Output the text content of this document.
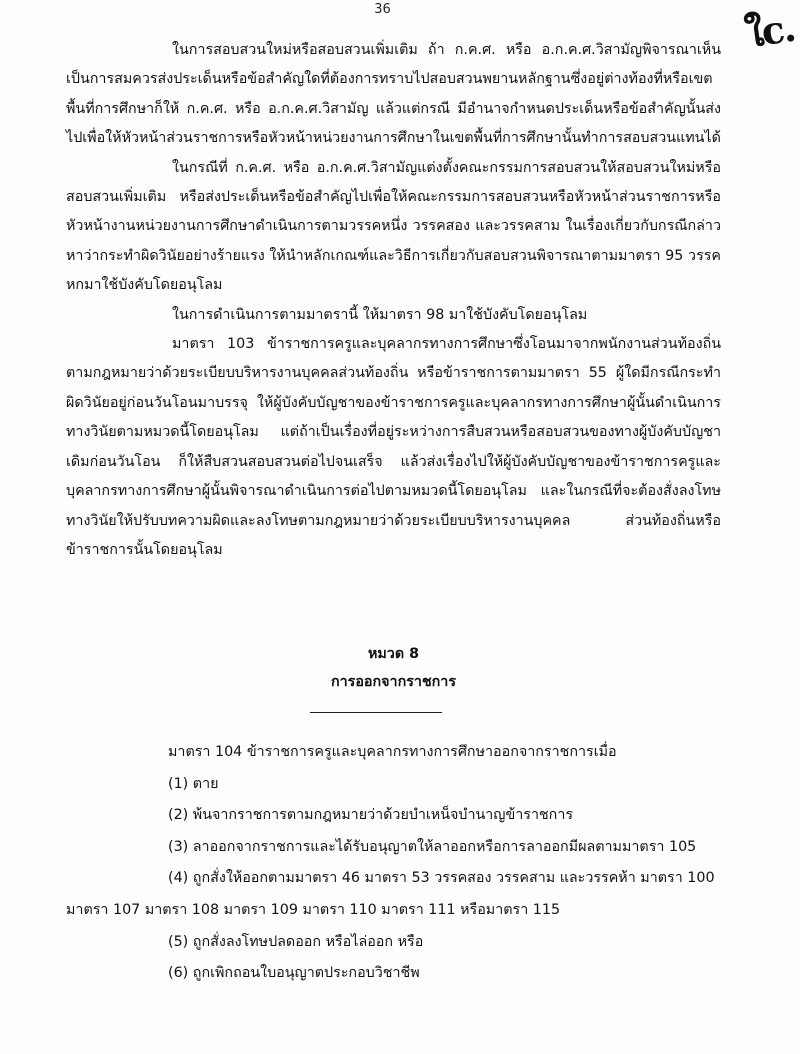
36	ใc.

ในการสอบสวนใหม่หรือสอบสวนเพิ่มเติม ถ้า ก.ค.ศ. หรือ อ.ก.ค.ศ.วิสามัญพิจารณาเห็นเป็นการสมควรส่งประเด็นหรือข้อสำคัญใดที่ต้องการทราบไปสอบสวนพยานหลักฐานซึ่งอยู่ต่างท้องที่หรือเขตพื้นที่การศึกษาก็ให้ ก.ค.ศ. หรือ อ.ก.ค.ศ.วิสามัญ แล้วแต่กรณี มีอำนาจกำหนดประเด็นหรือข้อสำคัญนั้นส่งไปเพื่อให้หัวหน้าส่วนราชการหรือหัวหน้าหน่วยงานการศึกษาในเขตพื้นที่การศึกษานั้นทำการสอบสวนแทนได้

ในกรณีที่ ก.ค.ศ. หรือ อ.ก.ค.ศ.วิสามัญแต่งตั้งคณะกรรมการสอบสวนให้สอบสวนใหม่หรือสอบสวนเพิ่มเติม หรือส่งประเด็นหรือข้อสำคัญไปเพื่อให้คณะกรรมการสอบสวนหรือหัวหน้าส่วนราชการหรือหัวหน้างานหน่วยงานการศึกษาดำเนินการตามวรรคหนึ่ง วรรคสอง และวรรคสาม ในเรื่องเกี่ยวกับกรณีกล่าวหาว่ากระทำผิดวินัยอย่างร้ายแรง ให้นำหลักเกณฑ์และวิธีการเกี่ยวกับสอบสวนพิจารณาตามมาตรา 95 วรรคหกมาใช้บังคับโดยอนุโลม

ในการดำเนินการตามมาตรานี้ ให้มาตรา 98 มาใช้บังคับโดยอนุโลม

มาตรา 103 ข้าราชการครูและบุคลากรทางการศึกษาซึ่งโอนมาจากพนักงานส่วนท้องถิ่นตามกฎหมายว่าด้วยระเบียบบริหารงานบุคคลส่วนท้องถิ่น หรือข้าราชการตามมาตรา 55 ผู้ใดมีกรณีกระทำผิดวินัยอยู่ก่อนวันโอนมาบรรจุ ให้ผู้บังคับบัญชาของข้าราชการครูและบุคลากรทางการศึกษาผู้นั้นดำเนินการทางวินัยตามหมวดนี้โดยอนุโลม แต่ถ้าเป็นเรื่องที่อยู่ระหว่างการสืบสวนหรือสอบสวนของทางผู้บังคับบัญชาเดิมก่อนวันโอน ก็ให้สืบสวนสอบสวนต่อไปจนเสร็จ แล้วส่งเรื่องไปให้ผู้บังคับบัญชาของข้าราชการครูและบุคลากรทางการศึกษาผู้นั้นพิจารณาดำเนินการต่อไปตามหมวดนี้โดยอนุโลม และในกรณีที่จะต้องสั่งลงโทษทางวินัยให้ปรับบทความผิดและลงโทษตามกฎหมายว่าด้วยระเบียบบริหารงานบุคคล ส่วนท้องถิ่นหรือข้าราชการนั้นโดยอนุโลม

หมวด 8
การออกจากราชการ

มาตรา 104 ข้าราชการครูและบุคลากรทางการศึกษาออกจากราชการเมื่อ

(1) ตาย

(2) พ้นจากราชการตามกฎหมายว่าด้วยบำเหน็จบำนาญข้าราชการ

(3) ลาออกจากราชการและได้รับอนุญาตให้ลาออกหรือการลาออกมีผลตามมาตรา 105

(4) ถูกสั่งให้ออกตามมาตรา 46 มาตรา 53 วรรคสอง วรรคสาม และวรรคห้า มาตรา 100 มาตรา 107 มาตรา 108 มาตรา 109 มาตรา 110 มาตรา 111 หรือมาตรา 115

(5) ถูกสั่งลงโทษปลดออก หรือไล่ออก หรือ

(6) ถูกเพิกถอนใบอนุญาตประกอบวิชาชีพ
